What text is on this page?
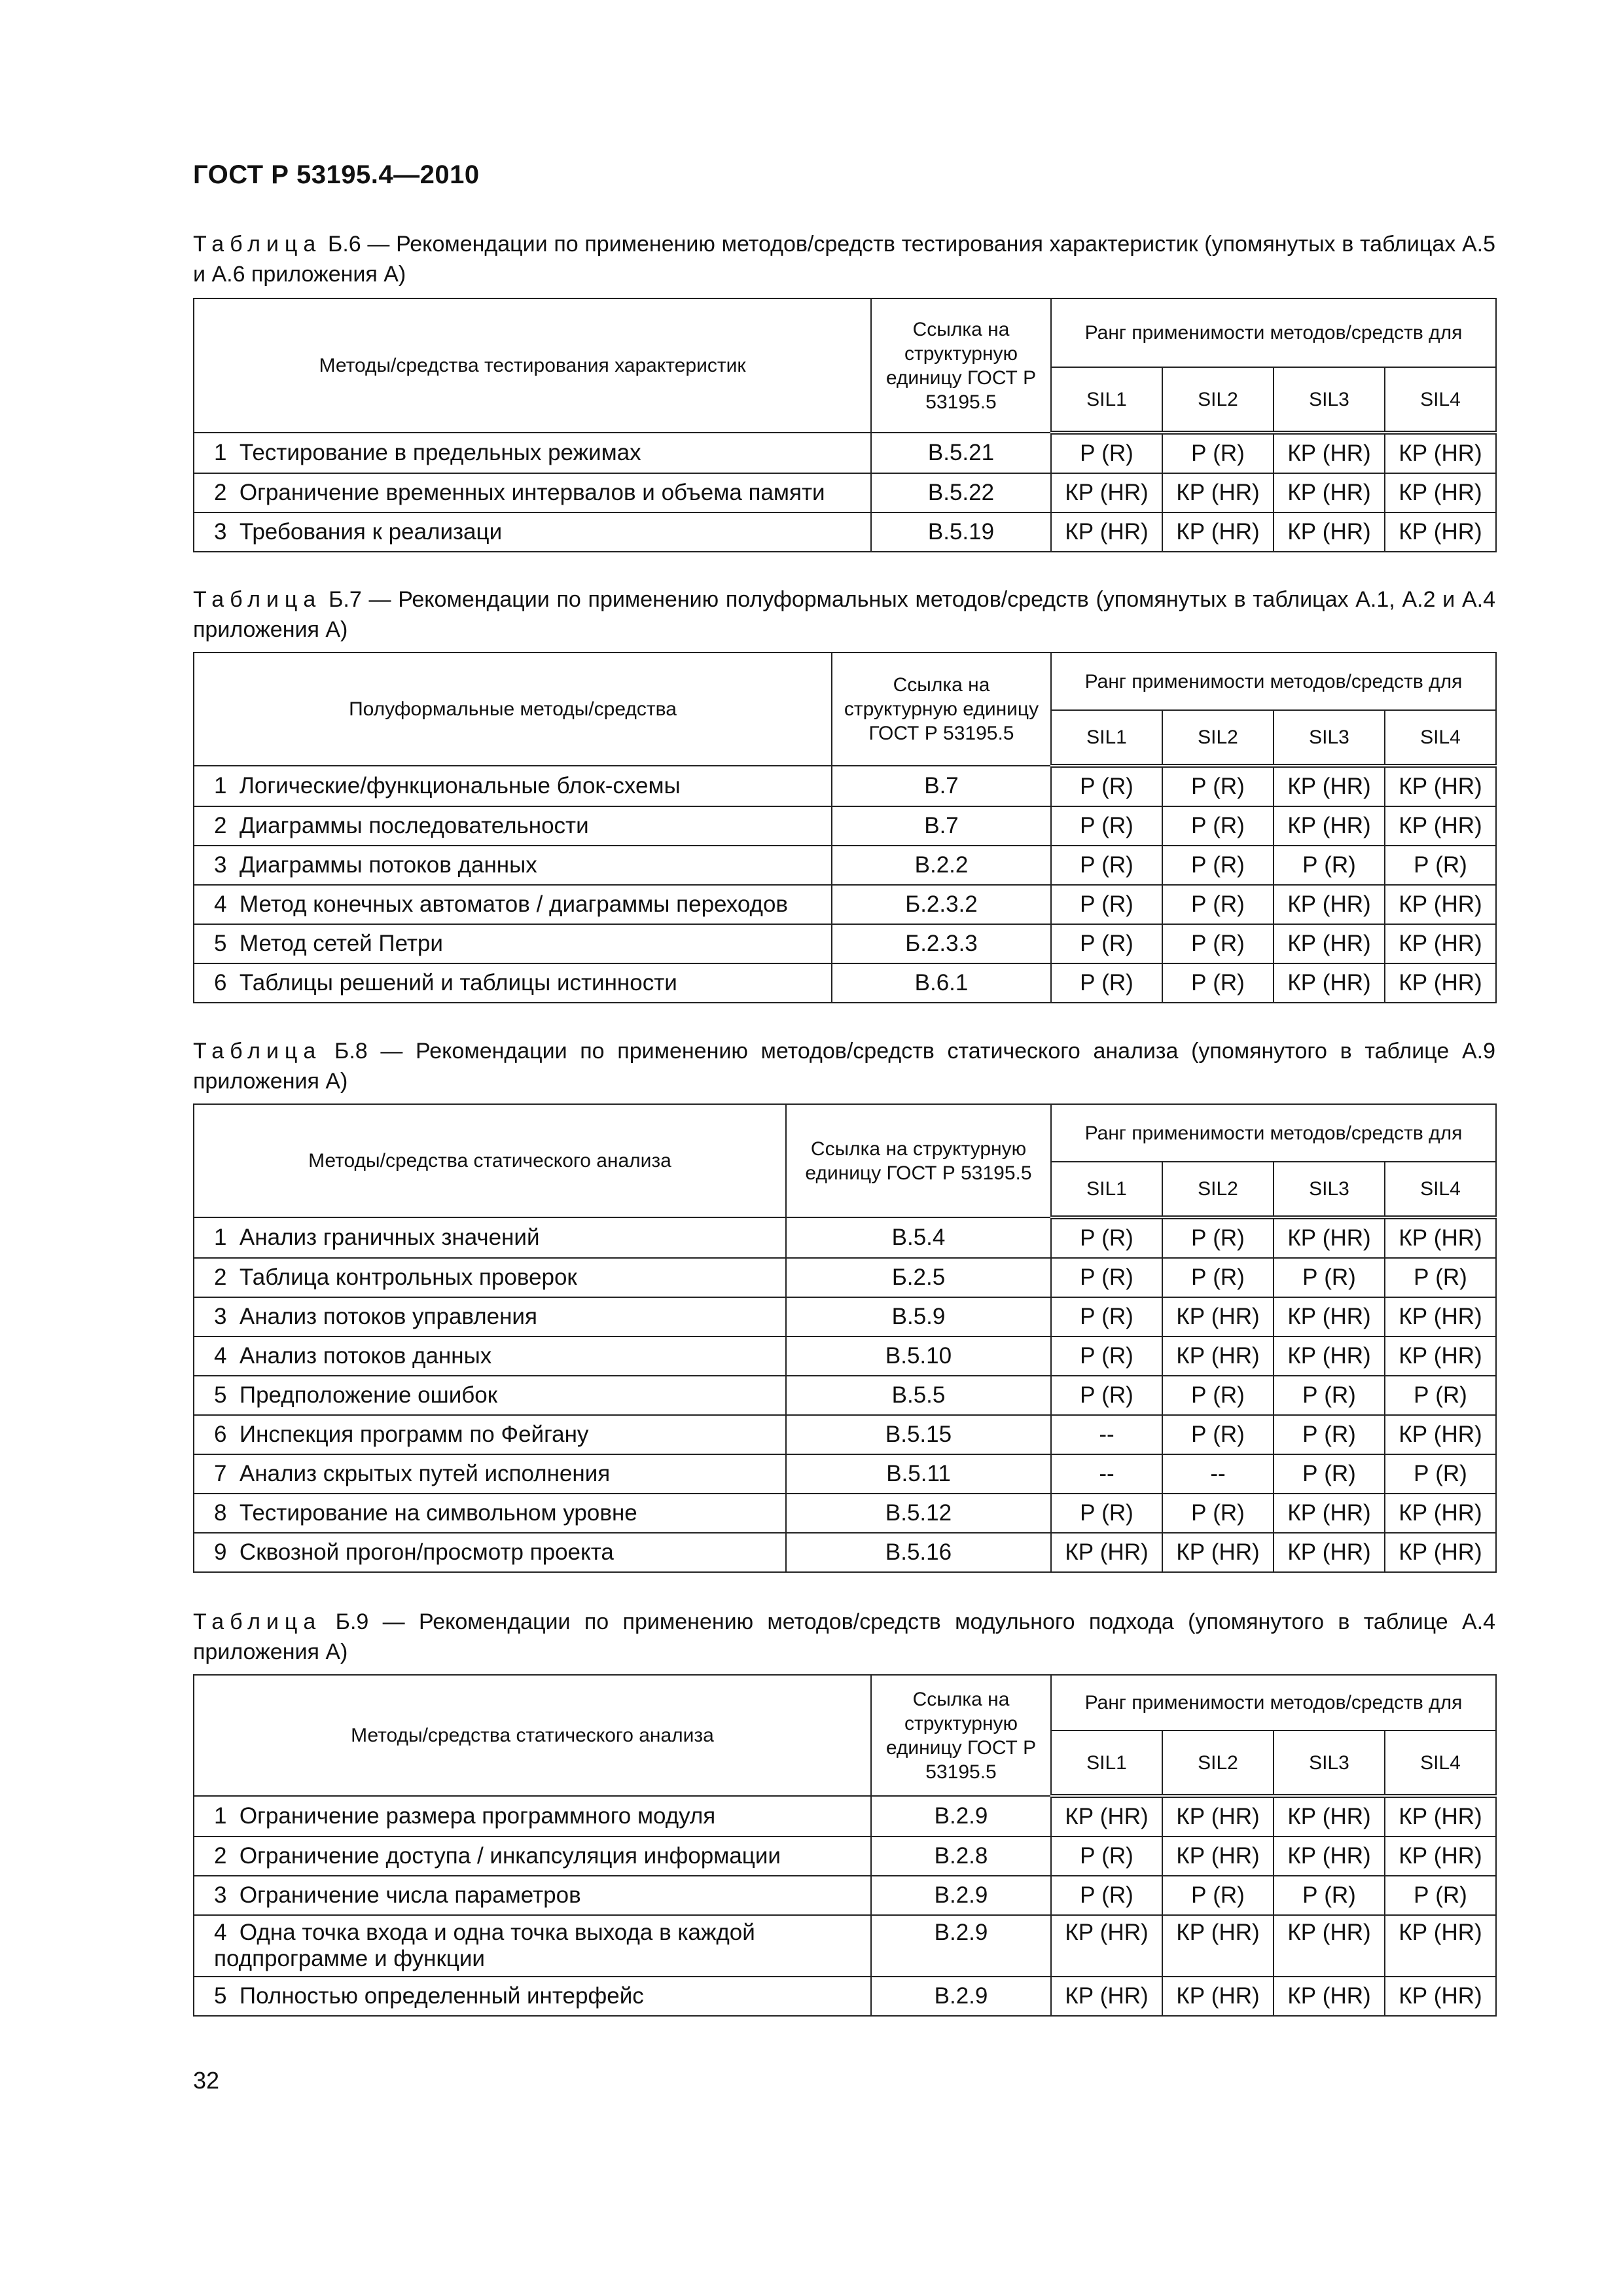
ГОСТ Р 53195.4—2010
Таблица Б.6 — Рекомендации по применению методов/средств тестирования характеристик (упомянутых в таблицах А.5 и А.6 приложения А)
Методы/средства тестирования характеристик	Ссылка на структурную единицу ГОСТ Р 53195.5	Ранг применимости методов/средств для			
		SIL1	SIL2	SIL3	SIL4
1 Тестирование в предельных режимах	В.5.21	Р (R)	Р (R)	КР (HR)	КР (HR)
2 Ограничение временных интервалов и объема памяти	В.5.22	КР (HR)	КР (HR)	КР (HR)	КР (HR)
3 Требования к реализаци	В.5.19	КР (HR)	КР (HR)	КР (HR)	КР (HR)
Таблица Б.7 — Рекомендации по применению полуформальных методов/средств (упомянутых в таблицах А.1, А.2 и А.4 приложения А)
Полуформальные методы/средства	Ссылка на структурную единицу ГОСТ Р 53195.5	Ранг применимости методов/средств для			
		SIL1	SIL2	SIL3	SIL4
1 Логические/функциональные блок-схемы	В.7	Р (R)	Р (R)	КР (HR)	КР (HR)
2 Диаграммы последовательности	В.7	Р (R)	Р (R)	КР (HR)	КР (HR)
3 Диаграммы потоков данных	В.2.2	Р (R)	Р (R)	Р (R)	Р (R)
4 Метод конечных автоматов / диаграммы переходов	Б.2.3.2	Р (R)	Р (R)	КР (HR)	КР (HR)
5 Метод сетей Петри	Б.2.3.3	Р (R)	Р (R)	КР (HR)	КР (HR)
6 Таблицы решений и таблицы истинности	В.6.1	Р (R)	Р (R)	КР (HR)	КР (HR)
Таблица Б.8 — Рекомендации по применению методов/средств статического анализа (упомянутого в таблице А.9 приложения А)
Методы/средства статического анализа	Ссылка на структурную единицу ГОСТ Р 53195.5	Ранг применимости методов/средств для			
		SIL1	SIL2	SIL3	SIL4
1 Анализ граничных значений	В.5.4	Р (R)	Р (R)	КР (HR)	КР (HR)
2 Таблица контрольных проверок	Б.2.5	Р (R)	Р (R)	Р (R)	Р (R)
3 Анализ потоков управления	В.5.9	Р (R)	КР (HR)	КР (HR)	КР (HR)
4 Анализ потоков данных	В.5.10	Р (R)	КР (HR)	КР (HR)	КР (HR)
5 Предположение ошибок	В.5.5	Р (R)	Р (R)	Р (R)	Р (R)
6 Инспекция программ по Фейгану	В.5.15	--	Р (R)	Р (R)	КР (HR)
7 Анализ скрытых путей исполнения	В.5.11	--	--	Р (R)	Р (R)
8 Тестирование на символьном уровне	В.5.12	Р (R)	Р (R)	КР (HR)	КР (HR)
9 Сквозной прогон/просмотр проекта	В.5.16	КР (HR)	КР (HR)	КР (HR)	КР (HR)
Таблица Б.9 — Рекомендации по применению методов/средств модульного подхода (упомянутого в таблице А.4 приложения А)
Методы/средства статического анализа	Ссылка на структурную единицу ГОСТ Р 53195.5	Ранг применимости методов/средств для			
		SIL1	SIL2	SIL3	SIL4
1 Ограничение размера программного модуля	В.2.9	КР (HR)	КР (HR)	КР (HR)	КР (HR)
2 Ограничение доступа / инкапсуляция информации	В.2.8	Р (R)	КР (HR)	КР (HR)	КР (HR)
3 Ограничение числа параметров	В.2.9	Р (R)	Р (R)	Р (R)	Р (R)
4 Одна точка входа и одна точка выхода в каждой подпрограмме и функции	В.2.9	КР (HR)	КР (HR)	КР (HR)	КР (HR)
5 Полностью определенный интерфейс	В.2.9	КР (HR)	КР (HR)	КР (HR)	КР (HR)
32
